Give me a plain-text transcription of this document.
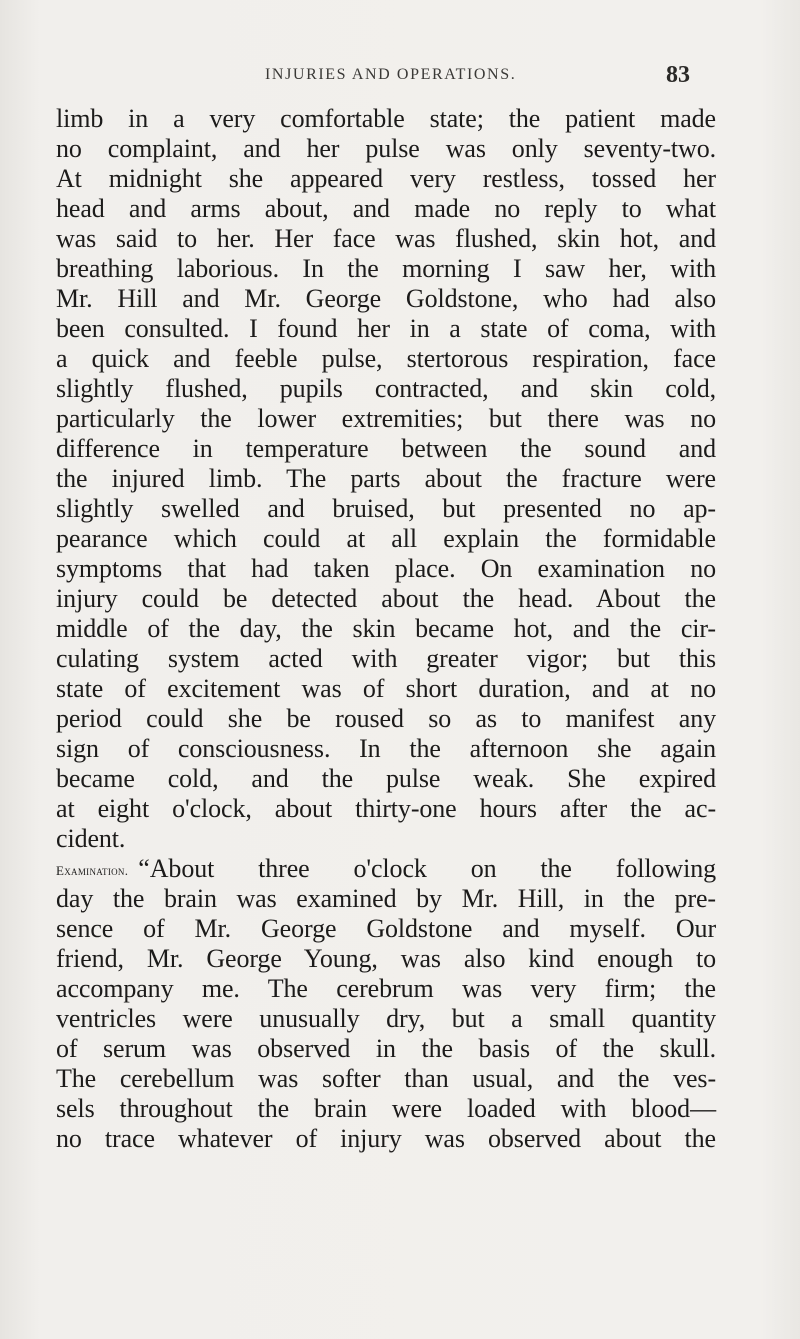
INJURIES AND OPERATIONS.	83
limb in a very comfortable state; the patient made
no complaint, and her pulse was only seventy-two.
At midnight she appeared very restless, tossed her
head and arms about, and made no reply to what
was said to her. Her face was flushed, skin hot, and
breathing laborious. In the morning I saw her, with
Mr. Hill and Mr. George Goldstone, who had also
been consulted. I found her in a state of coma, with
a quick and feeble pulse, stertorous respiration, face
slightly flushed, pupils contracted, and skin cold,
particularly the lower extremities; but there was no
difference in temperature between the sound and
the injured limb. The parts about the fracture were
slightly swelled and bruised, but presented no ap-
pearance which could at all explain the formidable
symptoms that had taken place. On examination no
injury could be detected about the head. About the
middle of the day, the skin became hot, and the cir-
culating system acted with greater vigor; but this
state of excitement was of short duration, and at no
period could she be roused so as to manifest any
sign of consciousness. In the afternoon she again
became cold, and the pulse weak. She expired
at eight o'clock, about thirty-one hours after the ac-
cident.
Examination. “About three o'clock on the following
day the brain was examined by Mr. Hill, in the pre-
sence of Mr. George Goldstone and myself. Our
friend, Mr. George Young, was also kind enough to
accompany me. The cerebrum was very firm; the
ventricles were unusually dry, but a small quantity
of serum was observed in the basis of the skull.
The cerebellum was softer than usual, and the ves-
sels throughout the brain were loaded with blood—
no trace whatever of injury was observed about the
